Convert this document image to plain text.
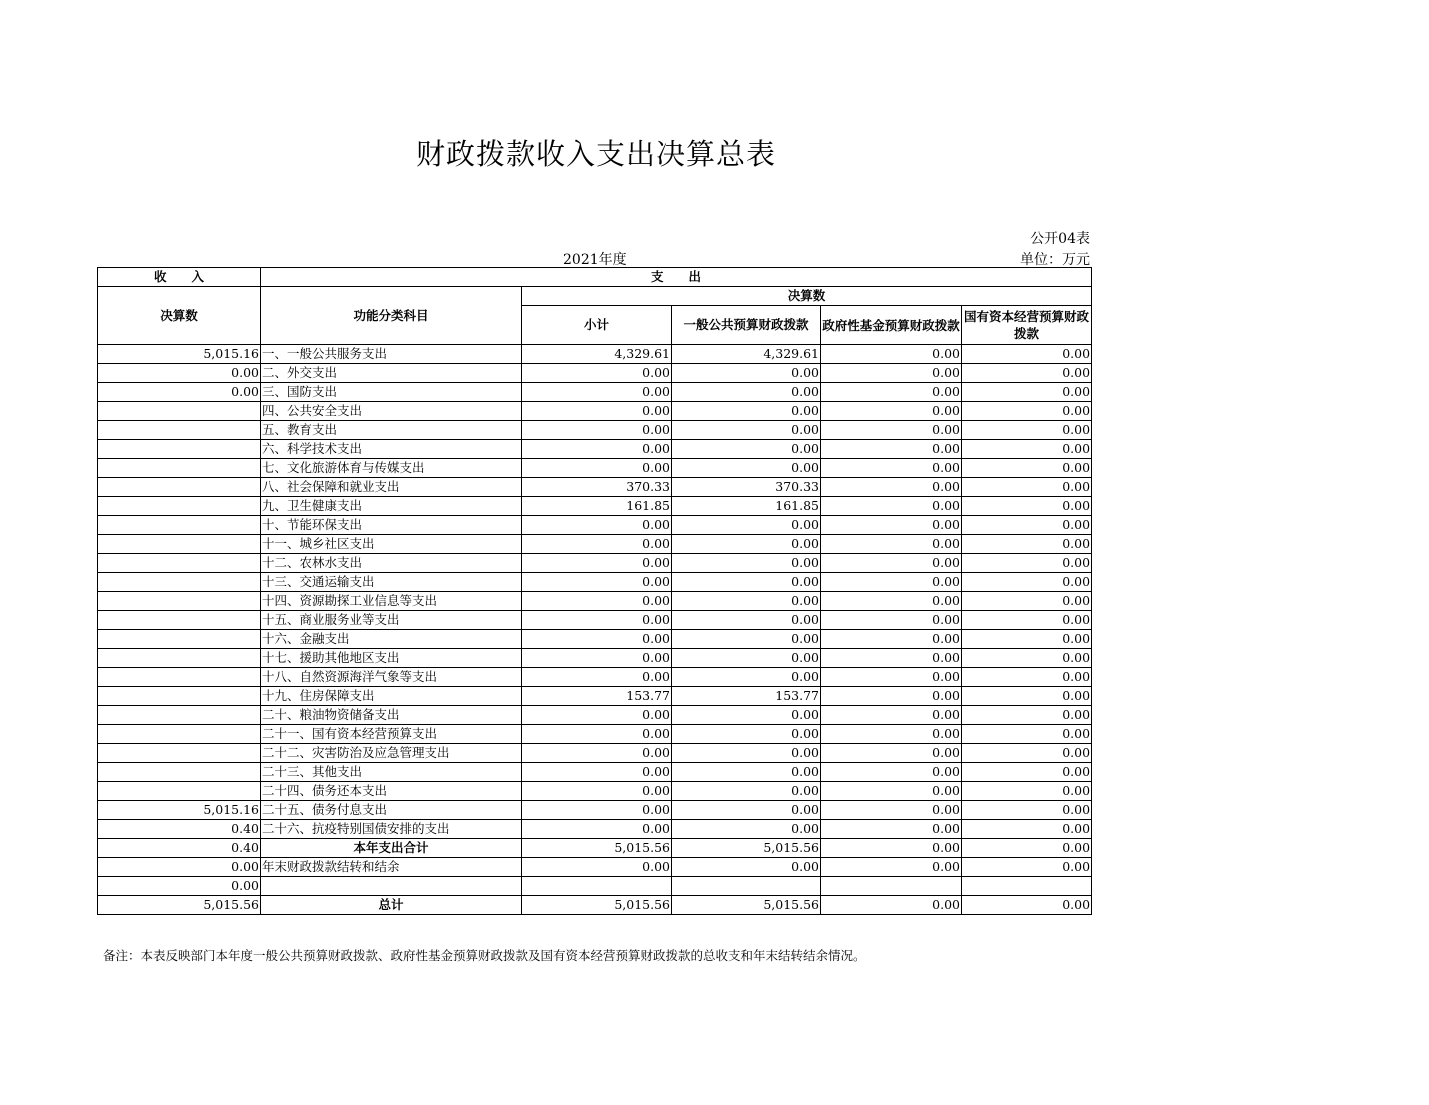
财政拨款收入支出决算总表
公开04表
2021年度	单位：万元
收　　入	支　　出				
决算数	功能分类科目	决算数			
		小计	一般公共预算财政拨款	政府性基金预算财政拨款	国有资本经营预算财政拨款
5,015.16	一、一般公共服务支出	4,329.61	4,329.61	0.00	0.00
0.00	二、外交支出	0.00	0.00	0.00	0.00
0.00	三、国防支出	0.00	0.00	0.00	0.00
	四、公共安全支出	0.00	0.00	0.00	0.00
	五、教育支出	0.00	0.00	0.00	0.00
	六、科学技术支出	0.00	0.00	0.00	0.00
	七、文化旅游体育与传媒支出	0.00	0.00	0.00	0.00
	八、社会保障和就业支出	370.33	370.33	0.00	0.00
	九、卫生健康支出	161.85	161.85	0.00	0.00
	十、节能环保支出	0.00	0.00	0.00	0.00
	十一、城乡社区支出	0.00	0.00	0.00	0.00
	十二、农林水支出	0.00	0.00	0.00	0.00
	十三、交通运输支出	0.00	0.00	0.00	0.00
	十四、资源勘探工业信息等支出	0.00	0.00	0.00	0.00
	十五、商业服务业等支出	0.00	0.00	0.00	0.00
	十六、金融支出	0.00	0.00	0.00	0.00
	十七、援助其他地区支出	0.00	0.00	0.00	0.00
	十八、自然资源海洋气象等支出	0.00	0.00	0.00	0.00
	十九、住房保障支出	153.77	153.77	0.00	0.00
	二十、粮油物资储备支出	0.00	0.00	0.00	0.00
	二十一、国有资本经营预算支出	0.00	0.00	0.00	0.00
	二十二、灾害防治及应急管理支出	0.00	0.00	0.00	0.00
	二十三、其他支出	0.00	0.00	0.00	0.00
	二十四、债务还本支出	0.00	0.00	0.00	0.00
5,015.16	二十五、债务付息支出	0.00	0.00	0.00	0.00
0.40	二十六、抗疫特别国债安排的支出	0.00	0.00	0.00	0.00
0.40	本年支出合计	5,015.56	5,015.56	0.00	0.00
0.00	年末财政拨款结转和结余	0.00	0.00	0.00	0.00
0.00					
5,015.56	总计	5,015.56	5,015.56	0.00	0.00
备注：本表反映部门本年度一般公共预算财政拨款、政府性基金预算财政拨款及国有资本经营预算财政拨款的总收支和年末结转结余情况。
